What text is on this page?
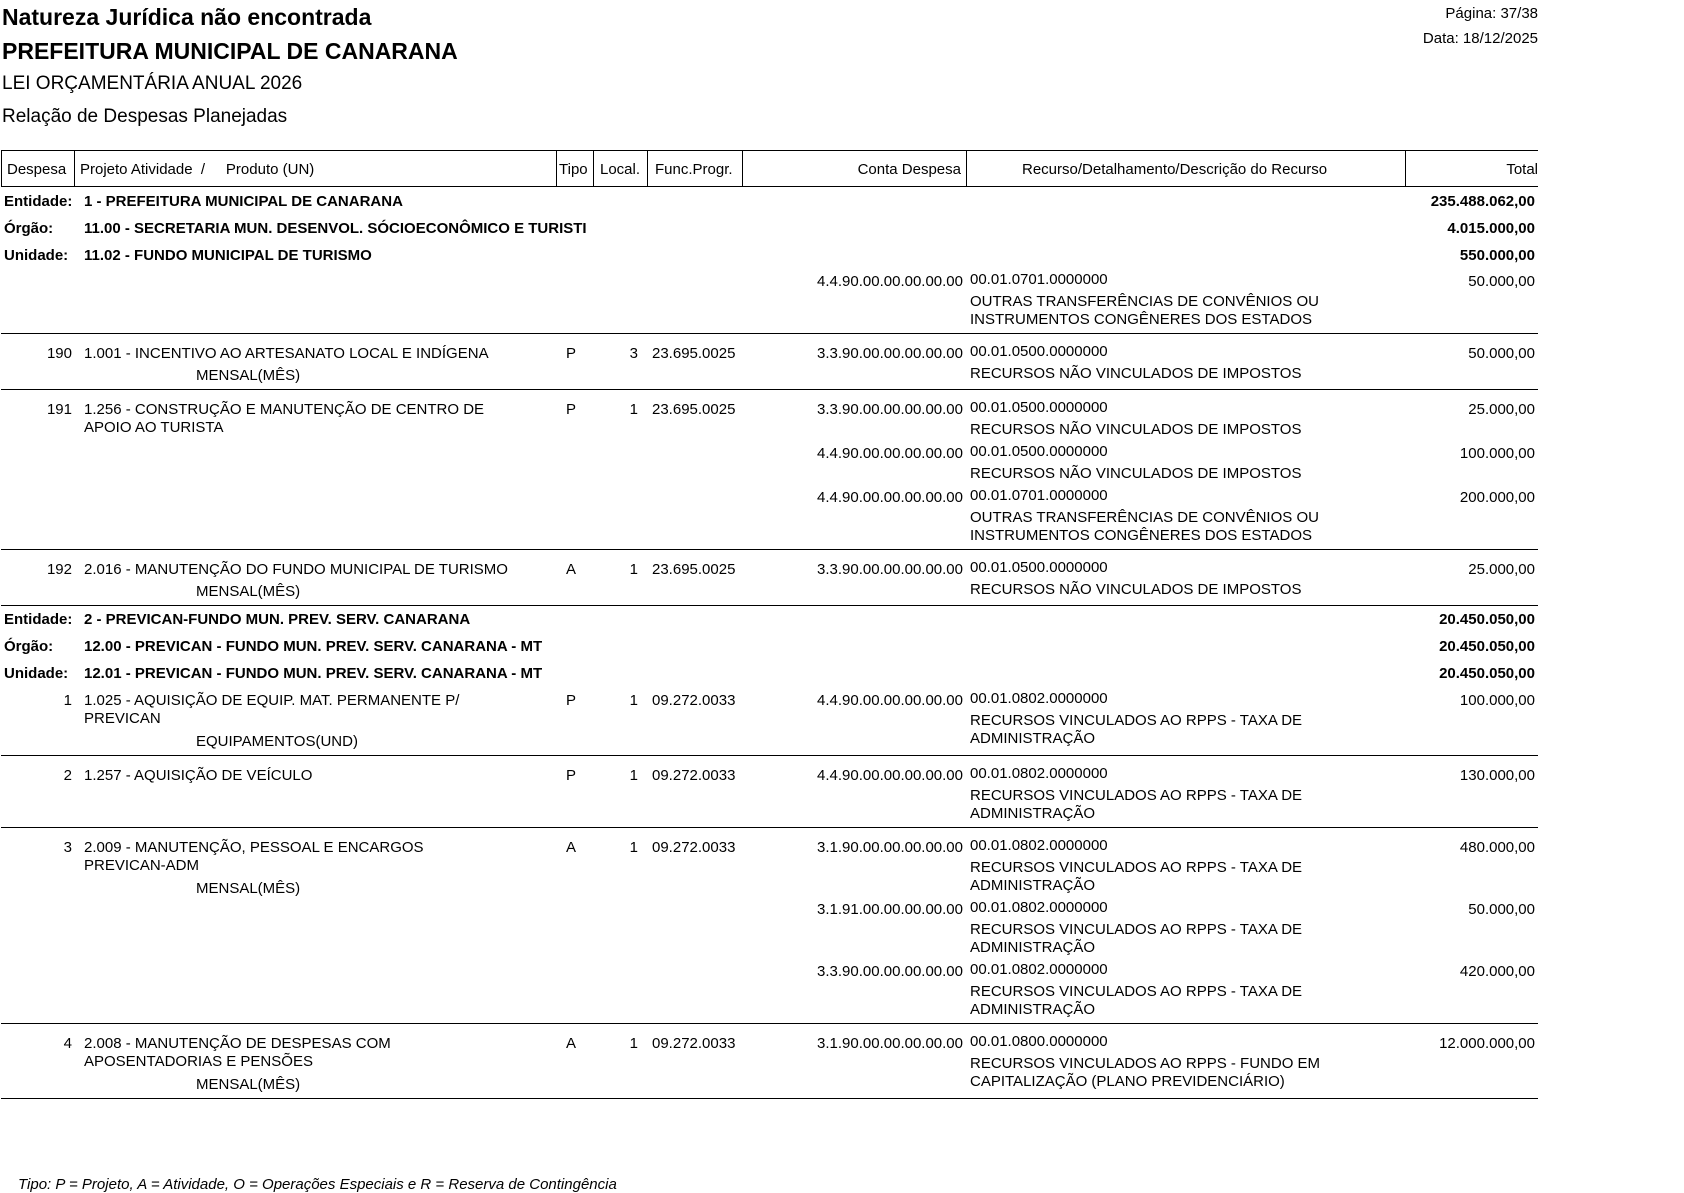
Natureza Jurídica não encontrada
PREFEITURA MUNICIPAL DE CANARANA
LEI ORÇAMENTÁRIA ANUAL 2026
Relação de Despesas Planejadas
Página: 37/38
Data: 18/12/2025
Despesa Projeto Atividade  /     Produto (UN)	Tipo Local. Func.Progr.	Conta Despesa	Recurso/Detalhamento/Descrição do Recurso	Total
Entidade: 1 - PREFEITURA MUNICIPAL DE CANARANA	235.488.062,00
Órgão: 11.00 - SECRETARIA MUN. DESENVOL. SÓCIOECONÔMICO E TURISTI	4.015.000,00
Unidade: 11.02 - FUNDO MUNICIPAL DE TURISMO	550.000,00
4.4.90.00.00.00.00.00 00.01.0701.0000000	50.000,00
OUTRAS TRANSFERÊNCIAS DE CONVÊNIOS OU
INSTRUMENTOS CONGÊNERES DOS ESTADOS
190 1.001 - INCENTIVO AO ARTESANATO LOCAL E INDÍGENA	P	3 23.695.0025	3.3.90.00.00.00.00.00 00.01.0500.0000000	50.000,00
RECURSOS NÃO VINCULADOS DE IMPOSTOS
MENSAL(MÊS)
191 1.256 - CONSTRUÇÃO E MANUTENÇÃO DE CENTRO DE
APOIO AO TURISTA
P	1 23.695.0025	3.3.90.00.00.00.00.00 00.01.0500.0000000	25.000,00
RECURSOS NÃO VINCULADOS DE IMPOSTOS
4.4.90.00.00.00.00.00 00.01.0500.0000000	100.000,00
RECURSOS NÃO VINCULADOS DE IMPOSTOS
4.4.90.00.00.00.00.00 00.01.0701.0000000	200.000,00
OUTRAS TRANSFERÊNCIAS DE CONVÊNIOS OU
INSTRUMENTOS CONGÊNERES DOS ESTADOS
192 2.016 - MANUTENÇÃO DO FUNDO MUNICIPAL DE TURISMO	A	1 23.695.0025	3.3.90.00.00.00.00.00 00.01.0500.0000000	25.000,00
RECURSOS NÃO VINCULADOS DE IMPOSTOS
MENSAL(MÊS)
Entidade: 2 - PREVICAN-FUNDO MUN. PREV. SERV. CANARANA	20.450.050,00
Órgão: 12.00 - PREVICAN - FUNDO MUN. PREV. SERV. CANARANA - MT	20.450.050,00
Unidade: 12.01 - PREVICAN - FUNDO MUN. PREV. SERV. CANARANA - MT	20.450.050,00
1 1.025 - AQUISIÇÃO DE EQUIP. MAT. PERMANENTE P/
PREVICAN
P	1 09.272.0033	4.4.90.00.00.00.00.00 00.01.0802.0000000	100.000,00
RECURSOS VINCULADOS AO RPPS - TAXA DE
ADMINISTRAÇÃO
EQUIPAMENTOS(UND)
2 1.257 - AQUISIÇÃO DE VEÍCULO	P	1 09.272.0033	4.4.90.00.00.00.00.00 00.01.0802.0000000	130.000,00
RECURSOS VINCULADOS AO RPPS - TAXA DE
ADMINISTRAÇÃO
3 2.009 - MANUTENÇÃO, PESSOAL E ENCARGOS
PREVICAN-ADM
A	1 09.272.0033	3.1.90.00.00.00.00.00 00.01.0802.0000000	480.000,00
RECURSOS VINCULADOS AO RPPS - TAXA DE
ADMINISTRAÇÃO
3.1.91.00.00.00.00.00 00.01.0802.0000000	50.000,00
RECURSOS VINCULADOS AO RPPS - TAXA DE
ADMINISTRAÇÃO
3.3.90.00.00.00.00.00 00.01.0802.0000000	420.000,00
RECURSOS VINCULADOS AO RPPS - TAXA DE
ADMINISTRAÇÃO
MENSAL(MÊS)
4 2.008 - MANUTENÇÃO DE DESPESAS COM
APOSENTADORIAS E PENSÕES
A	1 09.272.0033	3.1.90.00.00.00.00.00 00.01.0800.0000000	12.000.000,00
RECURSOS VINCULADOS AO RPPS - FUNDO EM
CAPITALIZAÇÃO (PLANO PREVIDENCIÁRIO)
MENSAL(MÊS)
Tipo: P = Projeto, A = Atividade, O = Operações Especiais e R = Reserva de Contingência
